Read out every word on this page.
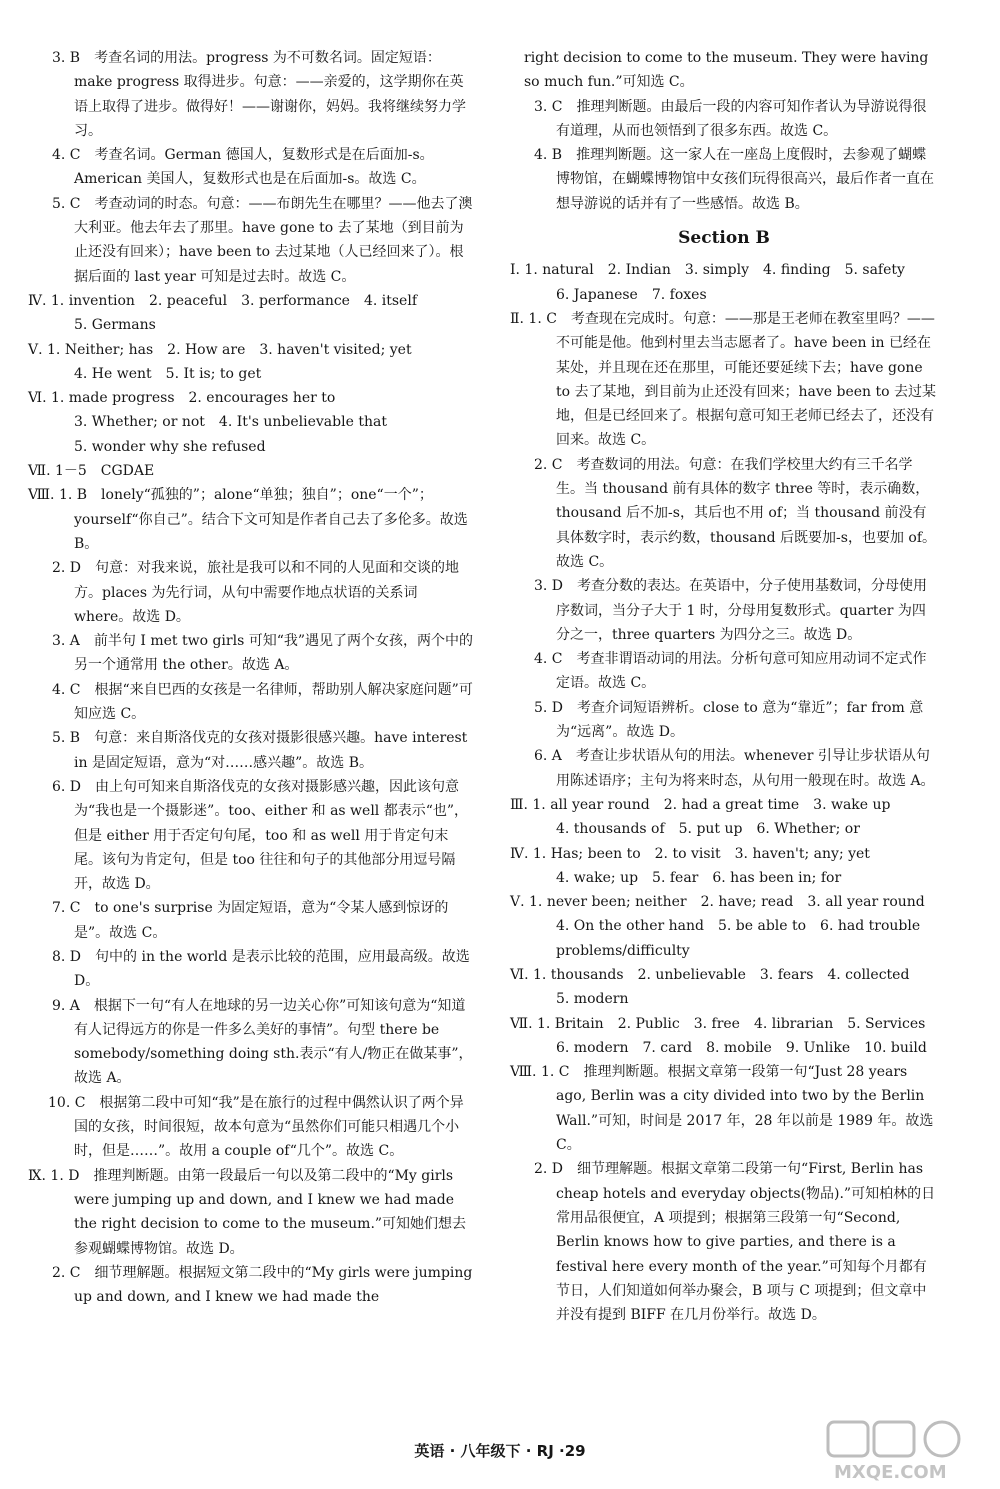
3. B　考查名词的用法。progress 为不可数名词。固定短语：make progress 取得进步。句意：——亲爱的，这学期你在英语上取得了进步。做得好！——谢谢你，妈妈。我将继续努力学习。

4. C　考查名词。German 德国人，复数形式是在后面加-s。American 美国人，复数形式也是在后面加-s。故选 C。

5. C　考查动词的时态。句意：——布朗先生在哪里？——他去了澳大利亚。他去年去了那里。have gone to 去了某地（到目前为止还没有回来）；have been to 去过某地（人已经回来了）。根据后面的 last year 可知是过去时。故选 C。

Ⅳ. 1. invention　2. peaceful　3. performance　4. itself

5. Germans

Ⅴ. 1. Neither; has　2. How are　3. haven't visited; yet

4. He went　5. It is; to get

Ⅵ. 1. made progress　2. encourages her to

3. Whether; or not　4. It's unbelievable that

5. wonder why she refused

Ⅶ. 1－5　CGDAE

Ⅷ. 1. B　lonely“孤独的”；alone“单独；独自”；one“一个”；yourself“你自己”。结合下文可知是作者自己去了多伦多。故选 B。

2. D　句意：对我来说，旅社是我可以和不同的人见面和交谈的地方。places 为先行词，从句中需要作地点状语的关系词 where。故选 D。

3. A　前半句 I met two girls 可知“我”遇见了两个女孩，两个中的另一个通常用 the other。故选 A。

4. C　根据“来自巴西的女孩是一名律师，帮助别人解决家庭问题”可知应选 C。

5. B　句意：来自斯洛伐克的女孩对摄影很感兴趣。have interest in 是固定短语，意为“对……感兴趣”。故选 B。

6. D　由上句可知来自斯洛伐克的女孩对摄影感兴趣，因此该句意为“我也是一个摄影迷”。too、either 和 as well 都表示“也”，但是 either 用于否定句句尾，too 和 as well 用于肯定句末尾。该句为肯定句，但是 too 往往和句子的其他部分用逗号隔开，故选 D。

7. C　to one's surprise 为固定短语，意为“令某人感到惊讶的是”。故选 C。

8. D　句中的 in the world 是表示比较的范围，应用最高级。故选 D。

9. A　根据下一句“有人在地球的另一边关心你”可知该句意为“知道有人记得远方的你是一件多么美好的事情”。句型 there be somebody/something doing sth.表示“有人/物正在做某事”，故选 A。

10. C　根据第二段中可知“我”是在旅行的过程中偶然认识了两个异国的女孩，时间很短，故本句意为“虽然你们可能只相遇几个小时，但是……”。故用 a couple of“几个”。故选 C。

Ⅸ. 1. D　推理判断题。由第一段最后一句以及第二段中的“My girls were jumping up and down, and I knew we had made the right decision to come to the museum.”可知她们想去参观蝴蝶博物馆。故选 D。

2. C　细节理解题。根据短文第二段中的“My girls were jumping up and down, and I knew we had made the

right decision to come to the museum. They were having so much fun.”可知选 C。

3. C　推理判断题。由最后一段的内容可知作者认为导游说得很有道理，从而也领悟到了很多东西。故选 C。

4. B　推理判断题。这一家人在一座岛上度假时，去参观了蝴蝶博物馆，在蝴蝶博物馆中女孩们玩得很高兴，最后作者一直在想导游说的话并有了一些感悟。故选 B。

Section B

Ⅰ. 1. natural　2. Indian　3. simply　4. finding　5. safety

6. Japanese　7. foxes

Ⅱ. 1. C　考查现在完成时。句意：——那是王老师在教室里吗？——不可能是他。他到村里去当志愿者了。have been in 已经在某处，并且现在还在那里，可能还要延续下去；have gone to 去了某地，到目前为止还没有回来；have been to 去过某地，但是已经回来了。根据句意可知王老师已经去了，还没有回来。故选 C。

2. C　考查数词的用法。句意：在我们学校里大约有三千名学生。当 thousand 前有具体的数字 three 等时，表示确数，thousand 后不加-s，其后也不用 of；当 thousand 前没有具体数字时，表示约数，thousand 后既要加-s，也要加 of。故选 C。

3. D　考查分数的表达。在英语中，分子使用基数词，分母使用序数词，当分子大于 1 时，分母用复数形式。quarter 为四分之一，three quarters 为四分之三。故选 D。

4. C　考查非谓语动词的用法。分析句意可知应用动词不定式作定语。故选 C。

5. D　考查介词短语辨析。close to 意为“靠近”；far from 意为“远离”。故选 D。

6. A　考查让步状语从句的用法。whenever 引导让步状语从句用陈述语序；主句为将来时态，从句用一般现在时。故选 A。

Ⅲ. 1. all year round　2. had a great time　3. wake up

4. thousands of　5. put up　6. Whether; or

Ⅳ. 1. Has; been to　2. to visit　3. haven't; any; yet

4. wake; up　5. fear　6. has been in; for

Ⅴ. 1. never been; neither　2. have; read　3. all year round

4. On the other hand　5. be able to　6. had trouble problems/difficulty

Ⅵ. 1. thousands　2. unbelievable　3. fears　4. collected

5. modern

Ⅶ. 1. Britain　2. Public　3. free　4. librarian　5. Services

6. modern　7. card　8. mobile　9. Unlike　10. build

Ⅷ. 1. C　推理判断题。根据文章第一段第一句“Just 28 years ago, Berlin was a city divided into two by the Berlin Wall.”可知，时间是 2017 年，28 年以前是 1989 年。故选 C。

2. D　细节理解题。根据文章第二段第一句“First, Berlin has cheap hotels and everyday objects(物品).”可知柏林的日常用品很便宜，A 项提到；根据第三段第一句“Second, Berlin knows how to give parties, and there is a festival here every month of the year.”可知每个月都有节日，人们知道如何举办聚会，B 项与 C 项提到；但文章中并没有提到 BIFF 在几月份举行。故选 D。

英语 · 八年级下 · RJ ·29
MXQE.COM
